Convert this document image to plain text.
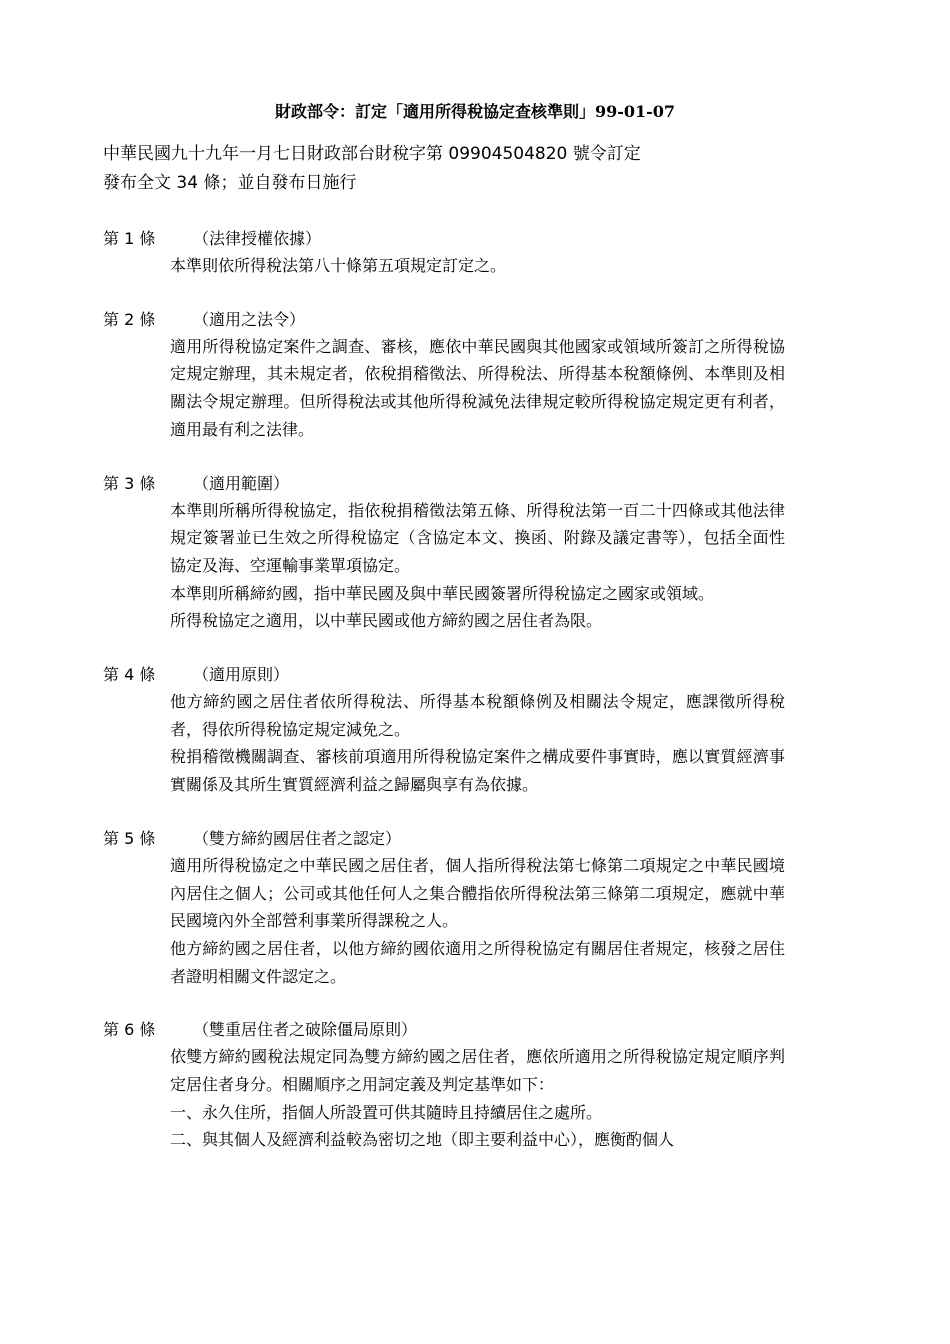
財政部令：訂定「適用所得稅協定查核準則」99-01-07
中華民國九十九年一月七日財政部台財稅字第 09904504820 號令訂定
發布全文 34 條；並自發布日施行
第 1 條 （法律授權依據）

本準則依所得稅法第八十條第五項規定訂定之。

第 2 條 （適用之法令）

適用所得稅協定案件之調查、審核，應依中華民國與其他國家或領域所簽訂之所得稅協定規定辦理，其未規定者，依稅捐稽徵法、所得稅法、所得基本稅額條例、本準則及相關法令規定辦理。但所得稅法或其他所得稅減免法律規定較所得稅協定規定更有利者，適用最有利之法律。

第 3 條 （適用範圍）

本準則所稱所得稅協定，指依稅捐稽徵法第五條、所得稅法第一百二十四條或其他法律規定簽署並已生效之所得稅協定（含協定本文、換函、附錄及議定書等），包括全面性協定及海、空運輸事業單項協定。

本準則所稱締約國，指中華民國及與中華民國簽署所得稅協定之國家或領域。

所得稅協定之適用，以中華民國或他方締約國之居住者為限。

第 4 條 （適用原則）

他方締約國之居住者依所得稅法、所得基本稅額條例及相關法令規定，應課徵所得稅者，得依所得稅協定規定減免之。

稅捐稽徵機關調查、審核前項適用所得稅協定案件之構成要件事實時，應以實質經濟事實關係及其所生實質經濟利益之歸屬與享有為依據。

第 5 條 （雙方締約國居住者之認定）

適用所得稅協定之中華民國之居住者，個人指所得稅法第七條第二項規定之中華民國境內居住之個人；公司或其他任何人之集合體指依所得稅法第三條第二項規定，應就中華民國境內外全部營利事業所得課稅之人。

他方締約國之居住者，以他方締約國依適用之所得稅協定有關居住者規定，核發之居住者證明相關文件認定之。

第 6 條 （雙重居住者之破除僵局原則）

依雙方締約國稅法規定同為雙方締約國之居住者，應依所適用之所得稅協定規定順序判定居住者身分。相關順序之用詞定義及判定基準如下：

一、永久住所，指個人所設置可供其隨時且持續居住之處所。

二、與其個人及經濟利益較為密切之地（即主要利益中心），應衡酌個人
